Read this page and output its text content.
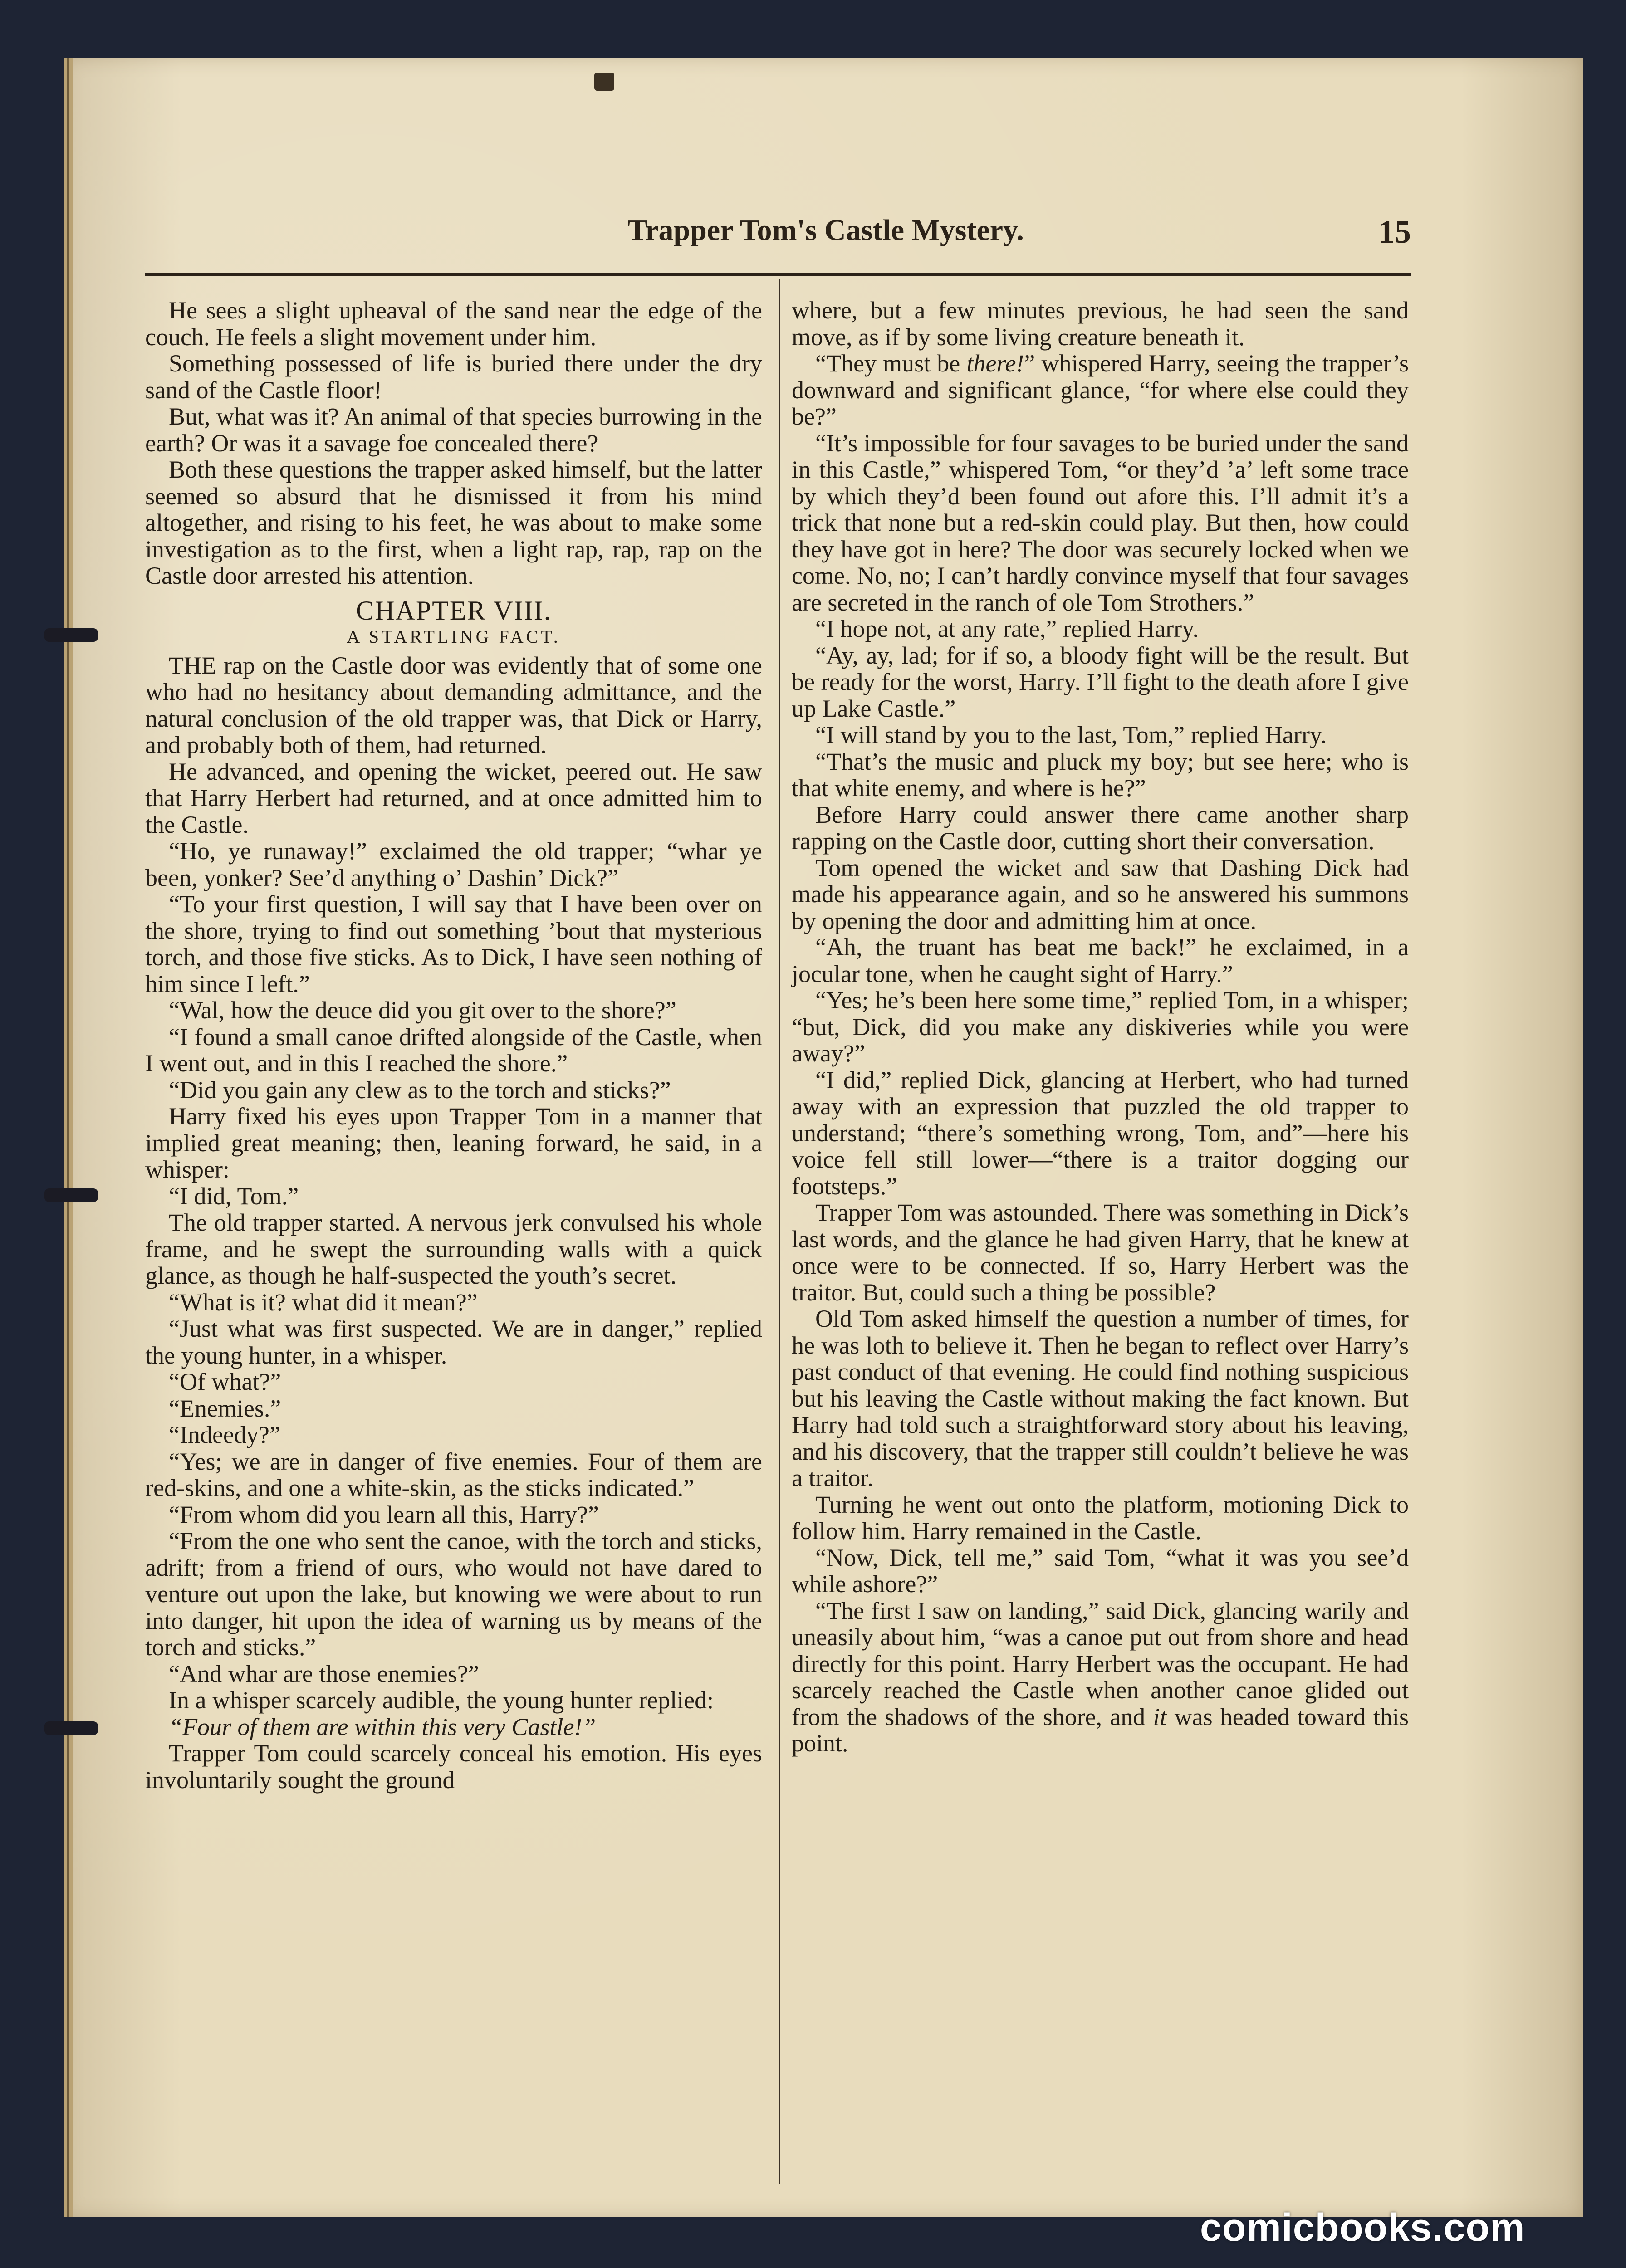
Trapper Tom's Castle Mystery.	15

He sees a slight upheaval of the sand near the edge of the couch. He feels a slight movement under him.

Something possessed of life is buried there under the dry sand of the Castle floor!

But, what was it? An animal of that species burrowing in the earth? Or was it a savage foe concealed there?

Both these questions the trapper asked himself, but the latter seemed so absurd that he dismissed it from his mind altogether, and rising to his feet, he was about to make some investigation as to the first, when a light rap, rap, rap on the Castle door arrested his attention.

CHAPTER VIII.
A STARTLING FACT.

THE rap on the Castle door was evidently that of some one who had no hesitancy about demanding admittance, and the natural conclusion of the old trapper was, that Dick or Harry, and probably both of them, had returned.

He advanced, and opening the wicket, peered out. He saw that Harry Herbert had returned, and at once admitted him to the Castle.

“Ho, ye runaway!” exclaimed the old trapper; “whar ye been, yonker? See’d anything o’ Dashin’ Dick?”

“To your first question, I will say that I have been over on the shore, trying to find out something ’bout that mysterious torch, and those five sticks. As to Dick, I have seen nothing of him since I left.”

“Wal, how the deuce did you git over to the shore?”

“I found a small canoe drifted alongside of the Castle, when I went out, and in this I reached the shore.”

“Did you gain any clew as to the torch and sticks?”

Harry fixed his eyes upon Trapper Tom in a manner that implied great meaning; then, leaning forward, he said, in a whisper:

“I did, Tom.”

The old trapper started. A nervous jerk convulsed his whole frame, and he swept the surrounding walls with a quick glance, as though he half-suspected the youth’s secret.

“What is it? what did it mean?”

“Just what was first suspected. We are in danger,” replied the young hunter, in a whisper.

“Of what?”

“Enemies.”

“Indeedy?”

“Yes; we are in danger of five enemies. Four of them are red-skins, and one a white-skin, as the sticks indicated.”

“From whom did you learn all this, Harry?”

“From the one who sent the canoe, with the torch and sticks, adrift; from a friend of ours, who would not have dared to venture out upon the lake, but knowing we were about to run into danger, hit upon the idea of warning us by means of the torch and sticks.”

“And whar are those enemies?”

In a whisper scarcely audible, the young hunter replied:

“Four of them are within this very Castle!”

Trapper Tom could scarcely conceal his emotion. His eyes involuntarily sought the ground

where, but a few minutes previous, he had seen the sand move, as if by some living creature beneath it.

“They must be there!” whispered Harry, seeing the trapper’s downward and significant glance, “for where else could they be?”

“It’s impossible for four savages to be buried under the sand in this Castle,” whispered Tom, “or they’d ’a’ left some trace by which they’d been found out afore this. I’ll admit it’s a trick that none but a red-skin could play. But then, how could they have got in here? The door was securely locked when we come. No, no; I can’t hardly convince myself that four savages are secreted in the ranch of ole Tom Strothers.”

“I hope not, at any rate,” replied Harry.

“Ay, ay, lad; for if so, a bloody fight will be the result. But be ready for the worst, Harry. I’ll fight to the death afore I give up Lake Castle.”

“I will stand by you to the last, Tom,” replied Harry.

“That’s the music and pluck my boy; but see here; who is that white enemy, and where is he?”

Before Harry could answer there came another sharp rapping on the Castle door, cutting short their conversation.

Tom opened the wicket and saw that Dashing Dick had made his appearance again, and so he answered his summons by opening the door and admitting him at once.

“Ah, the truant has beat me back!” he exclaimed, in a jocular tone, when he caught sight of Harry.”

“Yes; he’s been here some time,” replied Tom, in a whisper; “but, Dick, did you make any diskiveries while you were away?”

“I did,” replied Dick, glancing at Herbert, who had turned away with an expression that puzzled the old trapper to understand; “there’s something wrong, Tom, and”—here his voice fell still lower—“there is a traitor dogging our footsteps.”

Trapper Tom was astounded. There was something in Dick’s last words, and the glance he had given Harry, that he knew at once were to be connected. If so, Harry Herbert was the traitor. But, could such a thing be possible?

Old Tom asked himself the question a number of times, for he was loth to believe it. Then he began to reflect over Harry’s past conduct of that evening. He could find nothing suspicious but his leaving the Castle without making the fact known. But Harry had told such a straightforward story about his leaving, and his discovery, that the trapper still couldn’t believe he was a traitor.

Turning he went out onto the platform, motioning Dick to follow him. Harry remained in the Castle.

“Now, Dick, tell me,” said Tom, “what it was you see’d while ashore?”

“The first I saw on landing,” said Dick, glancing warily and uneasily about him, “was a canoe put out from shore and head directly for this point. Harry Herbert was the occupant. He had scarcely reached the Castle when another canoe glided out from the shadows of the shore, and it was headed toward this point.

comicbooks.com
